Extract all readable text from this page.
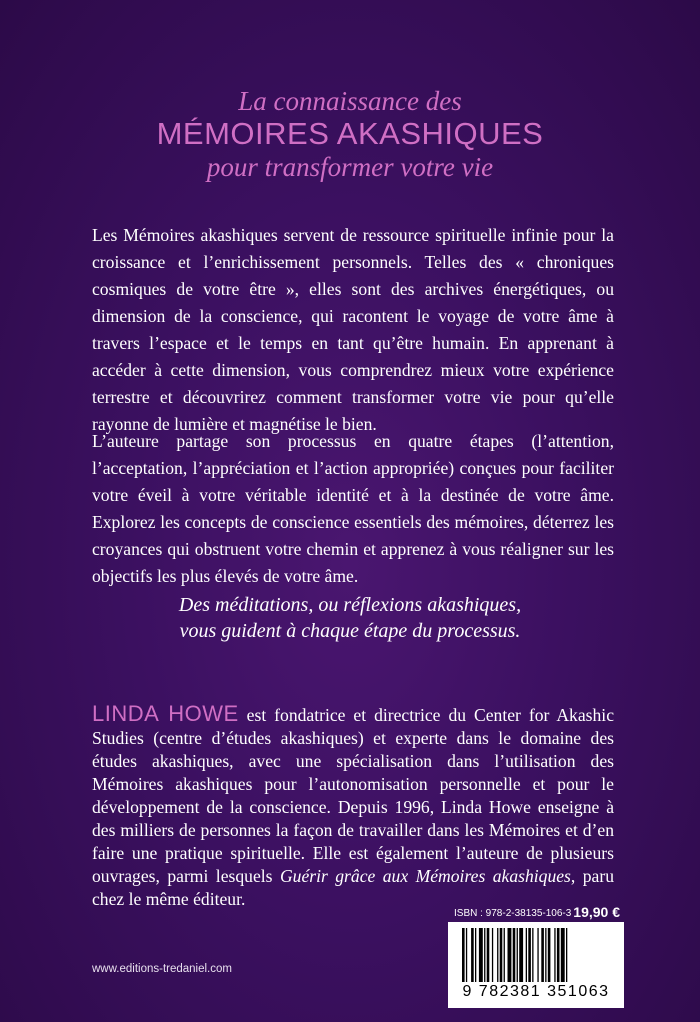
La connaissance des
MÉMOIRES AKASHIQUES
pour transformer votre vie
Les Mémoires akashiques servent de ressource spirituelle infinie pour la croissance et l’enrichissement personnels. Telles des « chroniques cosmiques de votre être », elles sont des archives énergétiques, ou dimension de la conscience, qui racontent le voyage de votre âme à travers l’espace et le temps en tant qu’être humain. En apprenant à accéder à cette dimension, vous comprendrez mieux votre expérience terrestre et découvrirez comment transformer votre vie pour qu’elle rayonne de lumière et magnétise le bien.
L’auteure partage son processus en quatre étapes (l’attention, l’acceptation, l’appréciation et l’action appropriée) conçues pour faciliter votre éveil à votre véritable identité et à la destinée de votre âme. Explorez les concepts de conscience essentiels des mémoires, déterrez les croyances qui obstruent votre chemin et apprenez à vous réaligner sur les objectifs les plus élevés de votre âme.
Des méditations, ou réflexions akashiques,
vous guident à chaque étape du processus.
LINDA HOWE est fondatrice et directrice du Center for Akashic Studies (centre d’études akashiques) et experte dans le domaine des études akashiques, avec une spécialisation dans l’utilisation des Mémoires akashiques pour l’autonomisation personnelle et pour le développement de la conscience. Depuis 1996, Linda Howe enseigne à des milliers de personnes la façon de travailler dans les Mémoires et d’en faire une pratique spirituelle. Elle est également l’auteure de plusieurs ouvrages, parmi lesquels Guérir grâce aux Mémoires akashiques, paru chez le même éditeur.
ISBN : 978-2-38135-106-3 19,90 €
9 782381 351063
www.editions-tredaniel.com
